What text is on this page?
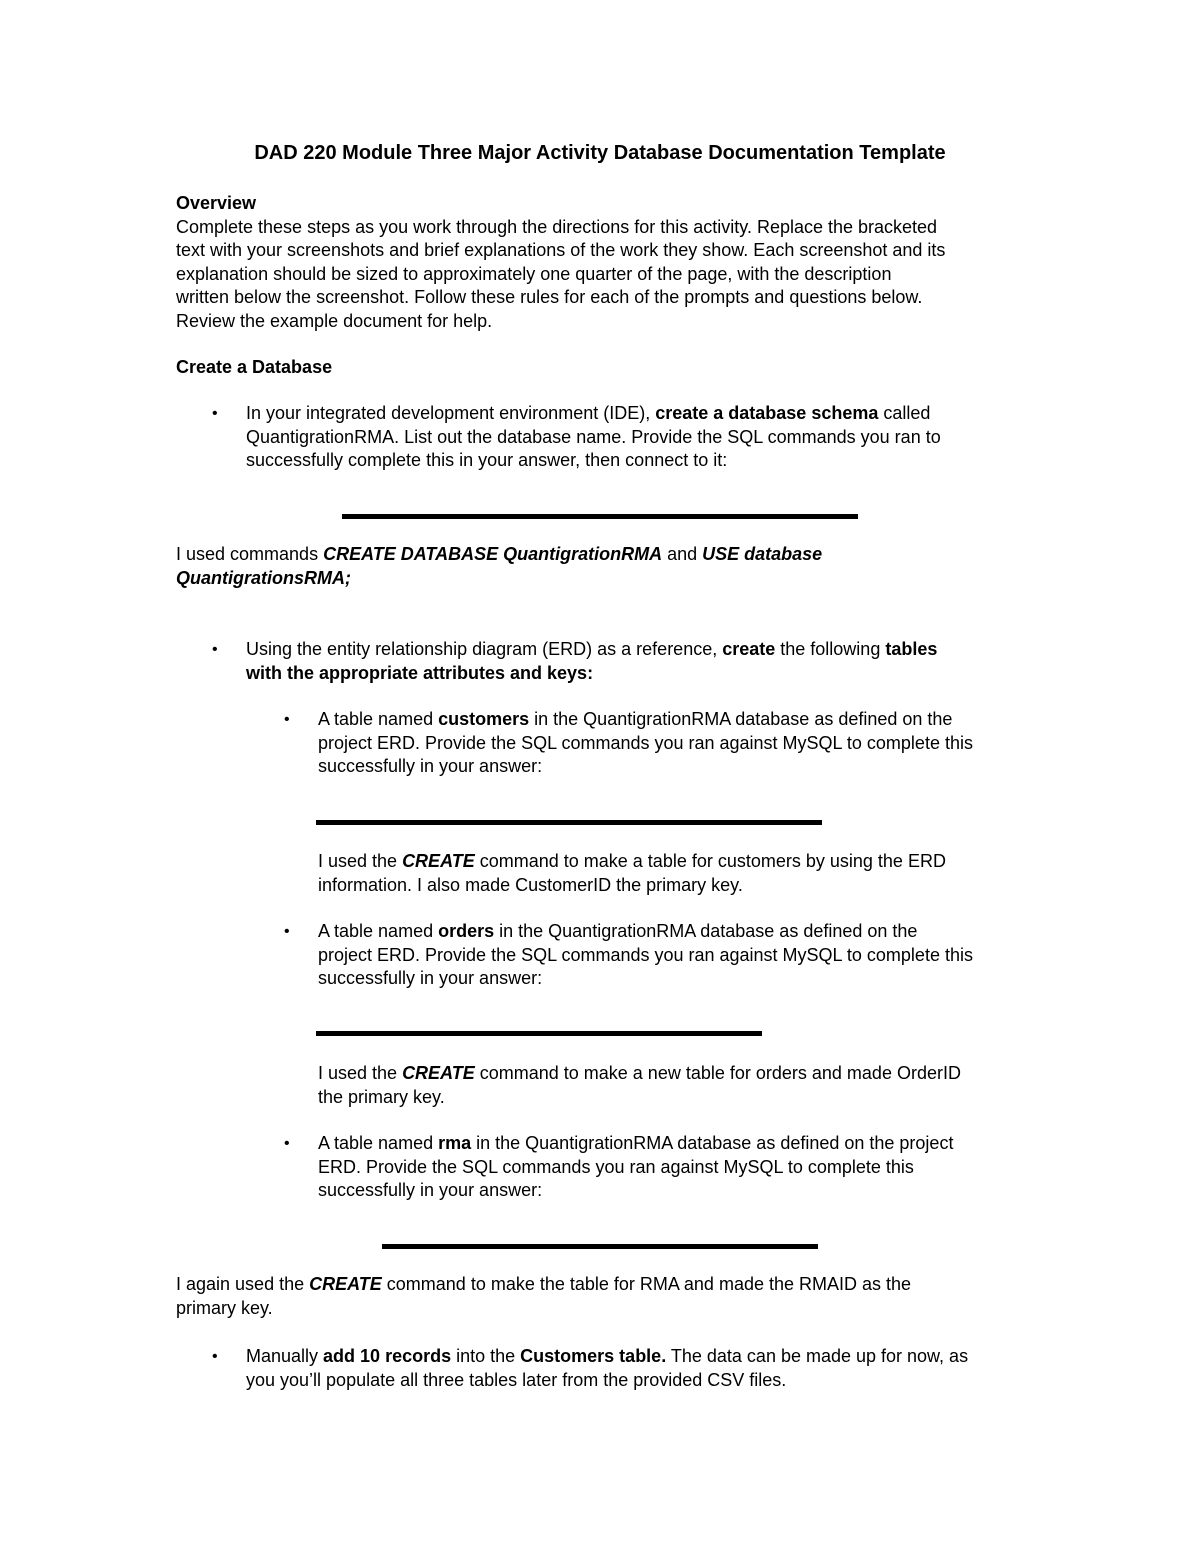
DAD 220 Module Three Major Activity Database Documentation Template

Overview

Complete these steps as you work through the directions for this activity. Replace the bracketed

text with your screenshots and brief explanations of the work they show. Each screenshot and its

explanation should be sized to approximately one quarter of the page, with the description

written below the screenshot. Follow these rules for each of the prompts and questions below.

Review the example document for help.

Create a Database
• In your integrated development environment (IDE), create a database schema called

QuantigrationRMA. List out the database name. Provide the SQL commands you ran to

successfully complete this in your answer, then connect to it:

I used commands CREATE DATABASE QuantigrationRMA and USE database

QuantigrationsRMA;

• Using the entity relationship diagram (ERD) as a reference, create the following tables

with the appropriate attributes and keys:

• A table named customers in the QuantigrationRMA database as defined on the

project ERD. Provide the SQL commands you ran against MySQL to complete this

successfully in your answer:

I used the CREATE command to make a table for customers by using the ERD

information. I also made CustomerID the primary key.

• A table named orders in the QuantigrationRMA database as defined on the

project ERD. Provide the SQL commands you ran against MySQL to complete this

successfully in your answer:

I used the CREATE command to make a new table for orders and made OrderID

the primary key.

• A table named rma in the QuantigrationRMA database as defined on the project

ERD. Provide the SQL commands you ran against MySQL to complete this

successfully in your answer:

I again used the CREATE command to make the table for RMA and made the RMAID as the

primary key.

• Manually add 10 records into the Customers table. The data can be made up for now, as

you you’ll populate all three tables later from the provided CSV files.
